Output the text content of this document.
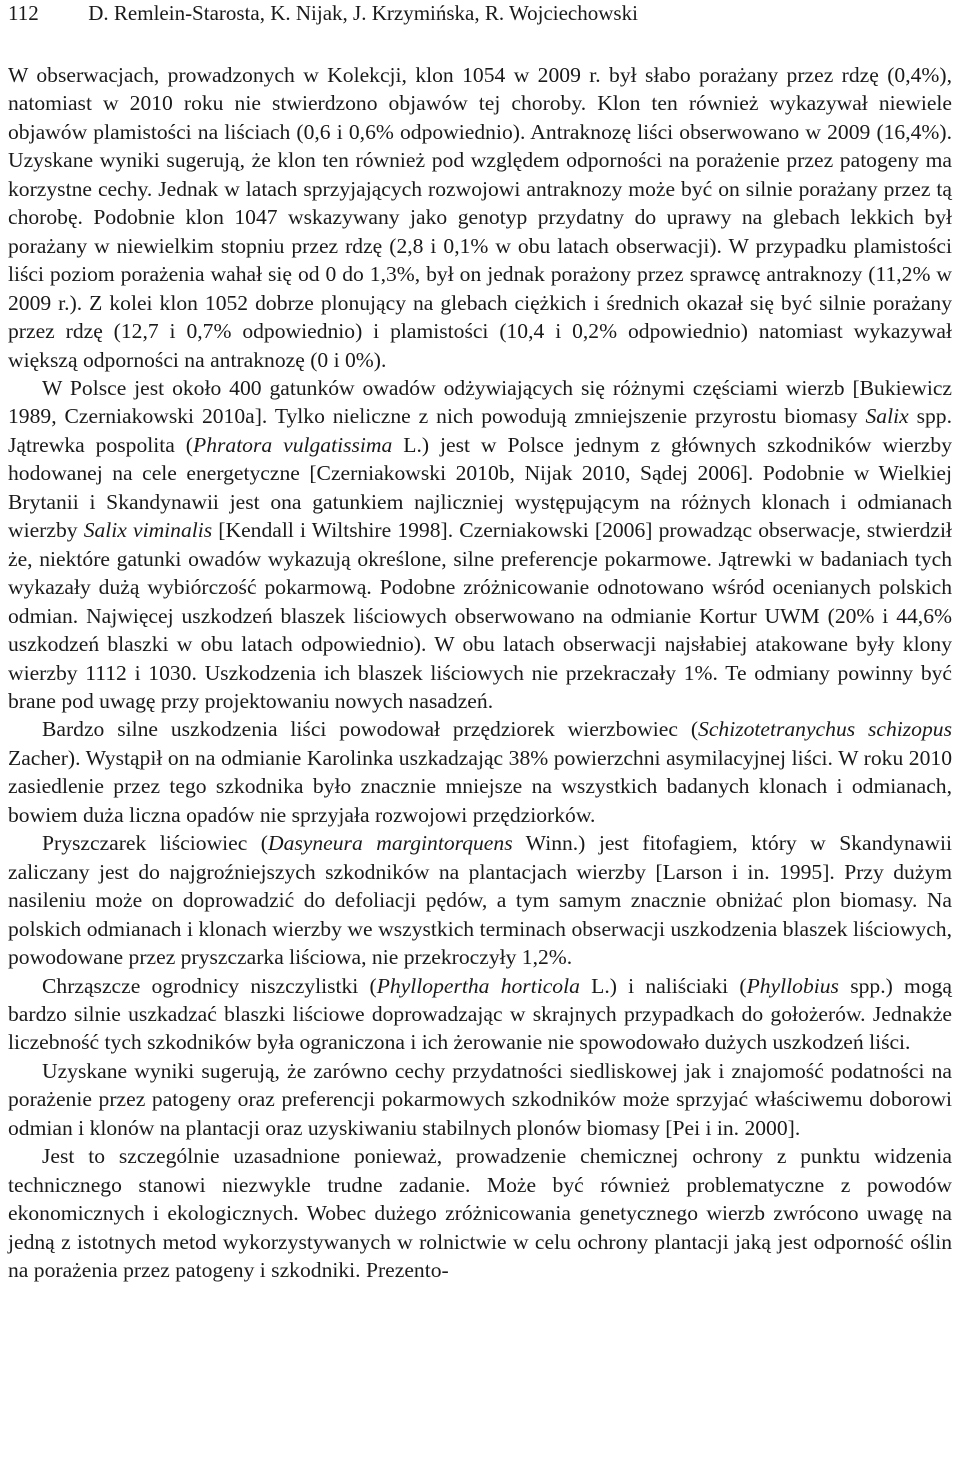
112 D. Remlein-Starosta, K. Nijak, J. Krzymińska, R. Wojciechowski

W obserwacjach, prowadzonych w Kolekcji, klon 1054 w 2009 r. był słabo porażany przez rdzę (0,4%), natomiast w 2010 roku nie stwierdzono objawów tej choroby. Klon ten również wykazywał niewiele objawów plamistości na liściach (0,6 i 0,6% odpowiednio). Antraknozę liści obserwowano w 2009 (16,4%). Uzyskane wyniki sugerują, że klon ten również pod względem odporności na porażenie przez patogeny ma korzystne cechy. Jednak w latach sprzyjających rozwojowi antraknozy może być on silnie porażany przez tą chorobę. Podobnie klon 1047 wskazywany jako genotyp przydatny do uprawy na glebach lekkich był porażany w niewielkim stopniu przez rdzę (2,8 i 0,1% w obu latach obserwacji). W przypadku plamistości liści poziom porażenia wahał się od 0 do 1,3%, był on jednak porażony przez sprawcę antraknozy (11,2% w 2009 r.). Z kolei klon 1052 dobrze plonujący na glebach ciężkich i średnich okazał się być silnie porażany przez rdzę (12,7 i 0,7% odpowiednio) i plamistości (10,4 i 0,2% odpowiednio) natomiast wykazywał większą odporności na antraknozę (0 i 0%).

W Polsce jest około 400 gatunków owadów odżywiających się różnymi częściami wierzb [Bukiewicz 1989, Czerniakowski 2010a]. Tylko nieliczne z nich powodują zmniejszenie przyrostu biomasy Salix spp. Jątrewka pospolita (Phratora vulgatissima L.) jest w Polsce jednym z głównych szkodników wierzby hodowanej na cele energetyczne [Czerniakowski 2010b, Nijak 2010, Sądej 2006]. Podobnie w Wielkiej Brytanii i Skandynawii jest ona gatunkiem najliczniej występującym na różnych klonach i odmianach wierzby Salix viminalis [Kendall i Wiltshire 1998]. Czerniakowski [2006] prowadząc obserwacje, stwierdził że, niektóre gatunki owadów wykazują określone, silne preferencje pokarmowe. Jątrewki w badaniach tych wykazały dużą wybiórczość pokarmową. Podobne zróżnicowanie odnotowano wśród ocenianych polskich odmian. Najwięcej uszkodzeń blaszek liściowych obserwowano na odmianie Kortur UWM (20% i 44,6% uszkodzeń blaszki w obu latach odpowiednio). W obu latach obserwacji najsłabiej atakowane były klony wierzby 1112 i 1030. Uszkodzenia ich blaszek liściowych nie przekraczały 1%. Te odmiany powinny być brane pod uwagę przy projektowaniu nowych nasadzeń.

Bardzo silne uszkodzenia liści powodował przędziorek wierzbowiec (Schizotetranychus schizopus Zacher). Wystąpił on na odmianie Karolinka uszkadzając 38% powierzchni asymilacyjnej liści. W roku 2010 zasiedlenie przez tego szkodnika było znacznie mniejsze na wszystkich badanych klonach i odmianach, bowiem duża liczna opadów nie sprzyjała rozwojowi przędziorków.

Pryszczarek liściowiec (Dasyneura margintorquens Winn.) jest fitofagiem, który w Skandynawii zaliczany jest do najgroźniejszych szkodników na plantacjach wierzby [Larson i in. 1995]. Przy dużym nasileniu może on doprowadzić do defoliacji pędów, a tym samym znacznie obniżać plon biomasy. Na polskich odmianach i klonach wierzby we wszystkich terminach obserwacji uszkodzenia blaszek liściowych, powodowane przez pryszczarka liściowa, nie przekroczyły 1,2%.

Chrząszcze ogrodnicy niszczylistki (Phyllopertha horticola L.) i naliściaki (Phyllobius spp.) mogą bardzo silnie uszkadzać blaszki liściowe doprowadzając w skrajnych przypadkach do gołożerów. Jednakże liczebność tych szkodników była ograniczona i ich żerowanie nie spowodowało dużych uszkodzeń liści.

Uzyskane wyniki sugerują, że zarówno cechy przydatności siedliskowej jak i znajomość podatności na porażenie przez patogeny oraz preferencji pokarmowych szkodników może sprzyjać właściwemu doborowi odmian i klonów na plantacji oraz uzyskiwaniu stabilnych plonów biomasy [Pei i in. 2000].

Jest to szczególnie uzasadnione ponieważ, prowadzenie chemicznej ochrony z punktu widzenia technicznego stanowi niezwykle trudne zadanie. Może być również problematyczne z powodów ekonomicznych i ekologicznych. Wobec dużego zróżnicowania genetycznego wierzb zwrócono uwagę na jedną z istotnych metod wykorzystywanych w rolnictwie w celu ochrony plantacji jaką jest odporność oślin na porażenia przez patogeny i szkodniki. Prezento-
